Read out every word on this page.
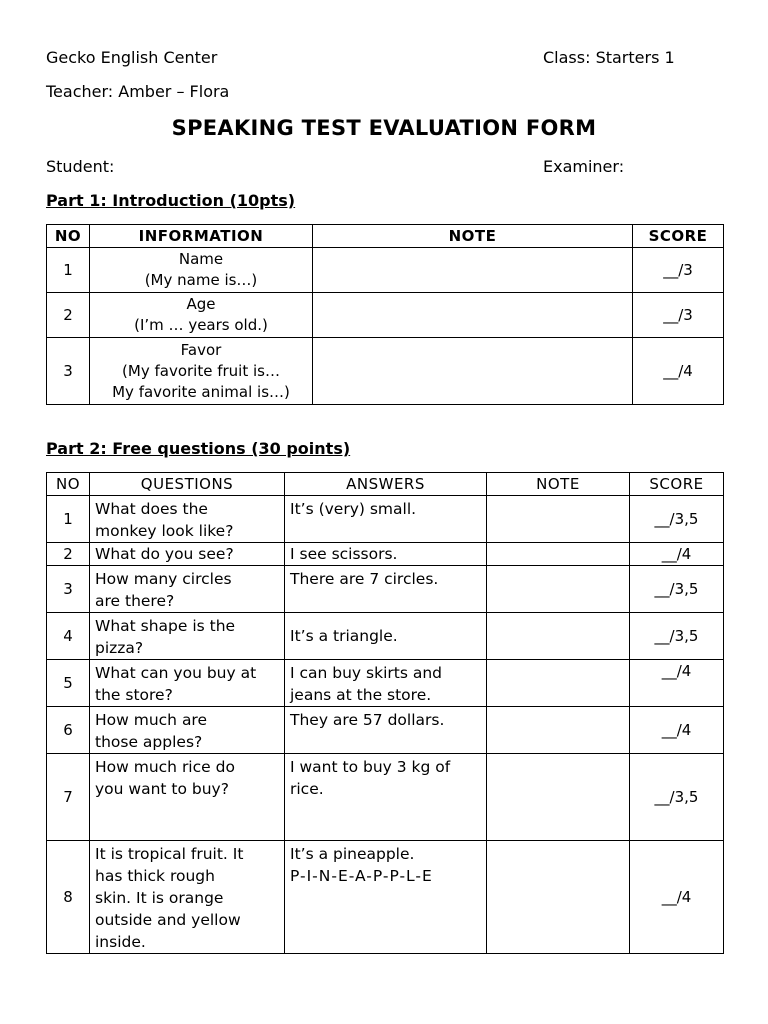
Gecko English Center	Class: Starters 1
Teacher: Amber – Flora
SPEAKING TEST EVALUATION FORM
Student:	Examiner:
Part 1: Introduction (10pts)
NO	INFORMATION	NOTE	SCORE
1	Name
(My name is…)		__/3
2	Age
(I’m … years old.)		__/3
3	Favor
(My favorite fruit is…
My favorite animal is…)		__/4
Part 2: Free questions (30 points)
NO	QUESTIONS	ANSWERS	NOTE	SCORE
1	What does the
monkey look like?	It’s (very) small.		__/3,5
2	What do you see?	I see scissors.		__/4
3	How many circles
are there?	There are 7 circles.		__/3,5
4	What shape is the
pizza?	It’s a triangle.		__/3,5
5	What can you buy at
the store?	I can buy skirts and
jeans at the store.		__/4
6	How much are
those apples?	They are 57 dollars.		__/4
7	How much rice do
you want to buy?	I want to buy 3 kg of
rice.		__/3,5
8	It is tropical fruit. It
has thick rough
skin. It is orange
outside and yellow
inside.	It’s a pineapple.
P-I-N-E-A-P-P-L-E		__/4
